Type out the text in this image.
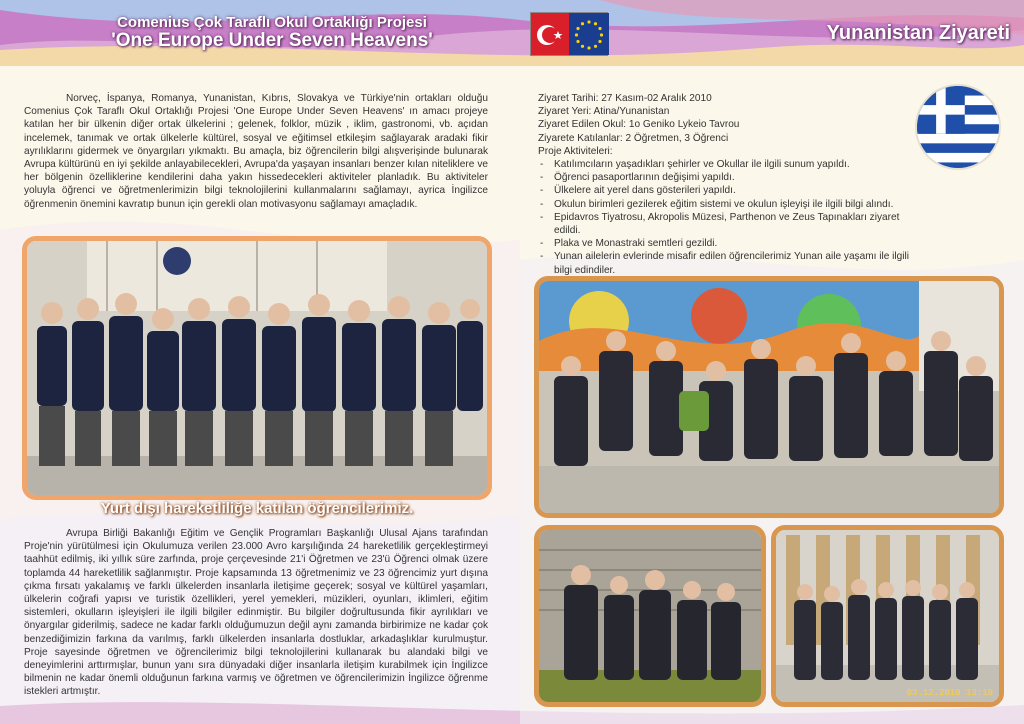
Comenius Çok Taraflı Okul Ortaklığı Projesi
'One Europe Under Seven Heavens'	Yunanistan Ziyareti

Norveç, İspanya, Romanya, Yunanistan, Kıbrıs, Slovakya ve Türkiye'nin ortakları olduğu Comenius Çok Taraflı Okul Ortaklığı Projesi 'One Europe Under Seven Heavens' ın amacı projeye katılan her bir ülkenin diğer ortak ülkelerini ; gelenek, folklor, müzik , iklim, gastronomi, vb. açıdan incelemek, tanımak ve ortak ülkelerle kültürel, sosyal ve eğitimsel etkileşim sağlayarak aradaki fikir ayrılıklarını gidermek ve önyargıları yıkmaktı. Bu amaçla, biz öğrencilerin bilgi alışverişinde bulunarak Avrupa kültürünü en iyi şekilde anlayabilecekleri, Avrupa'da yaşayan insanları benzer kılan niteliklere ve her bölgenin özelliklerine kendilerini daha yakın hissedecekleri aktiviteler planladık. Bu aktiviteler yoluyla öğrenci ve öğretmenlerimizin bilgi teknolojilerini kullanmalarını sağlamayı, ayrica İngilizce öğrenmenin önemini kavratıp bunun için gerekli olan motivasyonu sağlamayı amaçladık.

Yurt dışı hareketliliğe katılan öğrencilerimiz.

Avrupa Birliği Bakanlığı Eğitim ve Gençlik Programları Başkanlığı Ulusal Ajans tarafından Proje'nin yürütülmesi için Okulumuza verilen 23.000 Avro karşılığında 24 hareketlilik gerçekleştirmeyi taahhüt edilmiş, iki yıllık süre zarfında, proje çerçevesinde 21'i Öğretmen ve 23'ü Öğrenci olmak üzere toplamda 44 hareketlilik sağlanmıştır. Proje kapsamında 13 öğretmenimiz ve 23 öğrencimiz yurt dışına çıkma fırsatı yakalamış ve farklı ülkelerden insanlarla iletişime geçerek; sosyal ve kültürel yaşamları, ülkelerin coğrafi yapısı ve turistik özellikleri, yerel yemekleri, müzikleri, oyunları, iklimleri, eğitim sistemleri, okulların işleyişleri ile ilgili bilgiler edinmiştir. Bu bilgiler doğrultusunda fikir ayrılıkları ve önyargılar giderilmiş, sadece ne kadar farklı olduğumuzun değil aynı zamanda birbirimize ne kadar çok benzediğimizin farkına da varılmış, farklı ülkelerden insanlarla dostluklar, arkadaşlıklar kurulmuştur. Proje sayesinde öğretmen ve öğrencilerimiz bilgi teknolojilerini kullanarak bu alandaki bilgi ve deneyimlerini arttırmışlar, bunun yanı sıra dünyadaki diğer insanlarla iletişim kurabilmek için İngilizce bilmenin ne kadar önemli olduğunun farkına varmış ve öğretmen ve öğrencilerimizin İngilizce öğrenme istekleri artmıştır.

Ziyaret Tarihi: 27 Kasım-02 Aralık 2010
Ziyaret Yeri: Atina/Yunanistan
Ziyaret Edilen Okul: 1o Geniko Lykeio Tavrou
Ziyarete Katılanlar: 2 Öğretmen, 3 Öğrenci
Proje Aktiviteleri:
- Katılımcıların yaşadıkları şehirler ve Okullar ile ilgili sunum yapıldı.
- Öğrenci pasaportlarının değişimi yapıldı.
- Ülkelere ait yerel dans gösterileri yapıldı.
- Okulun birimleri gezilerek eğitim sistemi ve okulun işleyişi ile ilgili bilgi alındı.
- Epidavros Tiyatrosu, Akropolis Müzesi, Parthenon ve Zeus Tapınakları ziyaret edildi.
- Plaka ve Monastraki semtleri gezildi.
- Yunan ailelerin evlerinde misafir edilen öğrencilerimiz Yunan aile yaşamı ile ilgili bilgi edindiler.
03.12.2010 13:19
